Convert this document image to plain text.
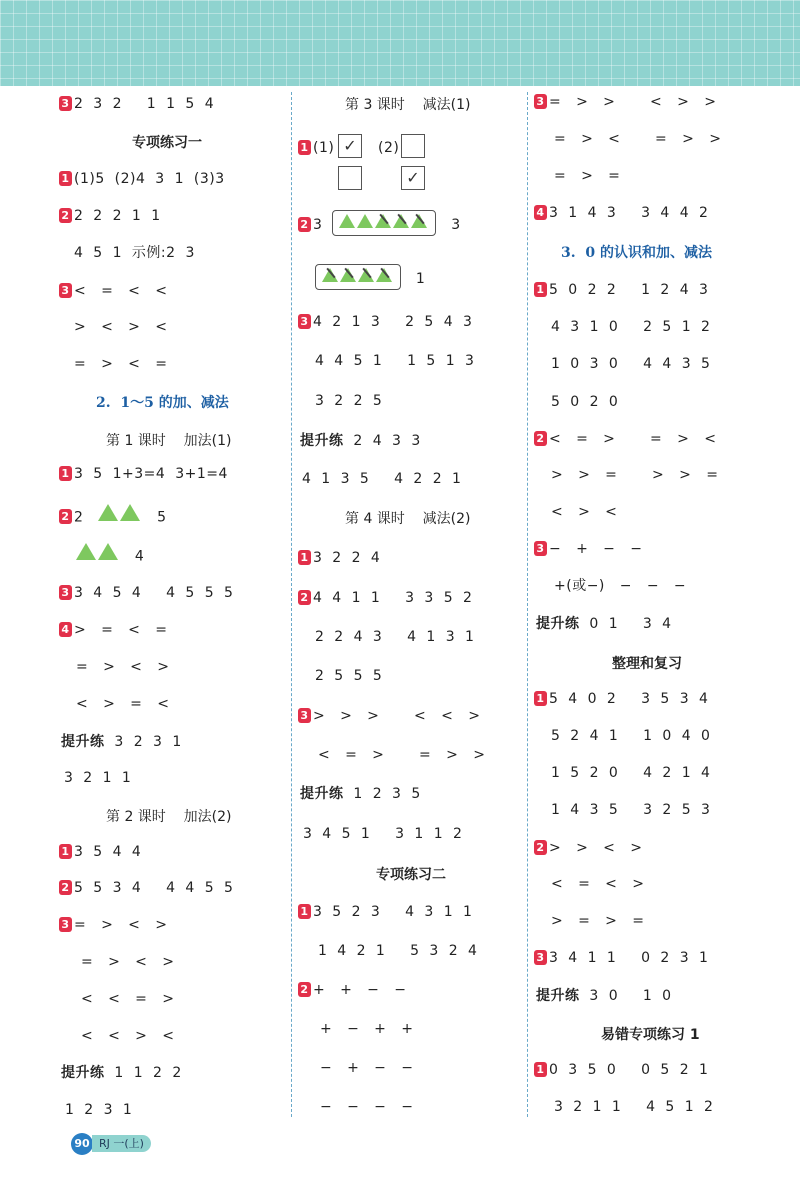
3 2  3  2     1  1  5  4
专项练习一
1 (1)5  (2)4  3  1  (3)3
2 2  2  2  1  1
4  5  1  示例:2  3
3 <   =   <   <
>   <   >   <
=   >   <   =
2.  1～5 的加、减法
第 1 课时    加法(1)
1 3  5  1+3=4  3+1=4
2 2	5
4
3 3  4  5  4     4  5  5  5
4 >   =   <   =
=   >   <   >
<   >   =   <
提升练 3  2  3  1
3  2  1  1
第 2 课时    加法(2)
1 3  5  4  4
2 5  5  3  4     4  4  5  5
3 =   >   <   >
=   >   <   >
<   <   =   >
<   <   >   <
提升练 1  1  2  2
1  2  3  1
第 3 课时    减法(1)
1 (1) ✓	(2)
✓
2 3	3
1
3 4  2  1  3     2  5  4  3
4  4  5  1     1  5  1  3
3  2  2  5
提升练 2  4  3  3
4  1  3  5     4  2  2  1
第 4 课时    减法(2)
1 3  2  2  4
2 4  4  1  1     3  3  5  2
2  2  4  3     4  1  3  1
2  5  5  5
3 >   >   >       <   <   >
<   =   >       =   >   >
提升练 1  2  3  5
3  4  5  1     3  1  1  2
专项练习二
1 3  5  2  3     4  3  1  1
1  4  2  1     5  3  2  4
2 +   +   −   −
+   −   +   +
−   +   −   −
−   −   −   −
3 =   >   >       <   >   >
=   >   <       =   >   >
=   >   =
4 3  1  4  3     3  4  4  2
3.  0 的认识和加、减法
1 5  0  2  2     1  2  4  3
4  3  1  0     2  5  1  2
1  0  3  0     4  4  3  5
5  0  2  0
2 <   =   >       =   >   <
>   >   =       >   >   =
<   >   <
3 −   +   −   −
+(或−)   −   −   −
提升练 0  1     3  4
整理和复习
1 5  4  0  2     3  5  3  4
5  2  4  1     1  0  4  0
1  5  2  0     4  2  1  4
1  4  3  5     3  2  5  3
2 >   >   <   >
<   =   <   >
>   =   >   =
3 3  4  1  1     0  2  3  1
提升练 3  0     1  0
易错专项练习 1
1 0  3  5  0     0  5  2  1
3  2  1  1     4  5  1  2
90 RJ 一(上)
